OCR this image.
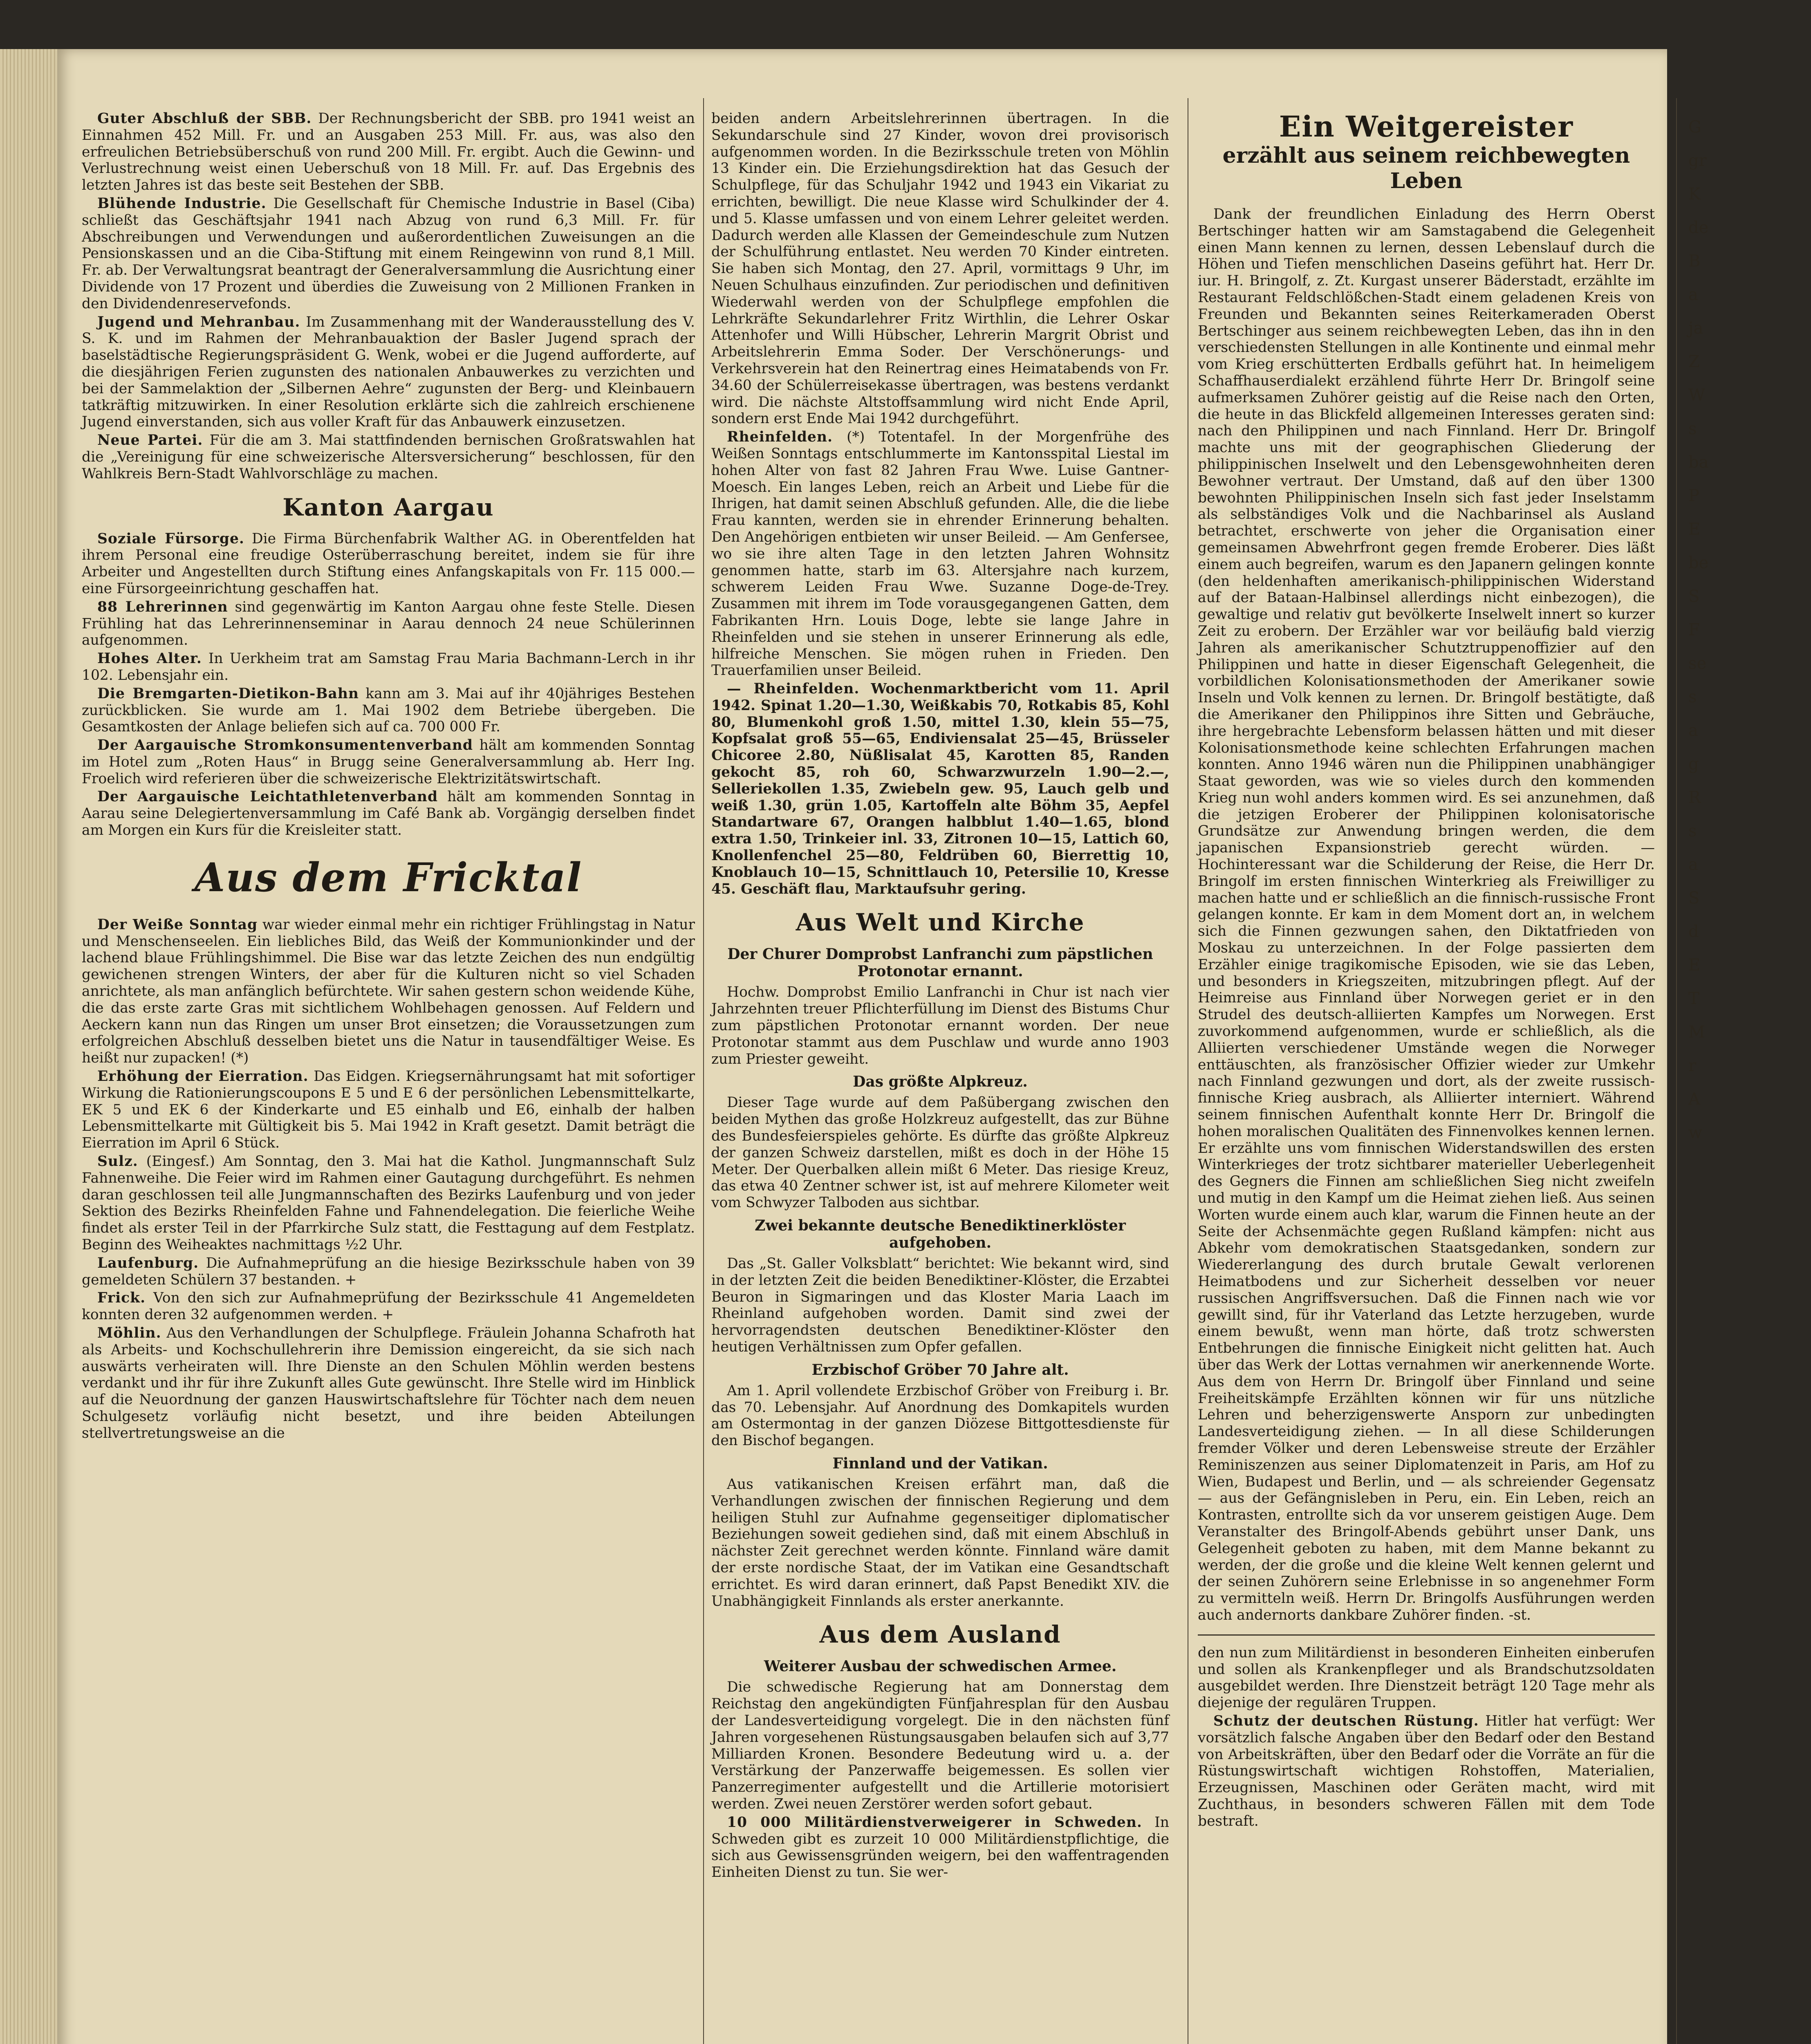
Guter Abschluß der SBB. Der Rechnungsbericht der SBB. pro 1941 weist an Einnahmen 452 Mill. Fr. und an Ausgaben 253 Mill. Fr. aus, was also den erfreulichen Betriebsüberschuß von rund 200 Mill. Fr. ergibt. Auch die Gewinn- und Verlustrechnung weist einen Ueberschuß von 18 Mill. Fr. auf. Das Ergebnis des letzten Jahres ist das beste seit Bestehen der SBB.

Blühende Industrie. Die Gesellschaft für Chemische Industrie in Basel (Ciba) schließt das Geschäftsjahr 1941 nach Abzug von rund 6,3 Mill. Fr. für Abschreibungen und Verwendungen und außerordentlichen Zuweisungen an die Pensionskassen und an die Ciba-Stiftung mit einem Reingewinn von rund 8,1 Mill. Fr. ab. Der Verwaltungsrat beantragt der Generalversammlung die Ausrichtung einer Dividende von 17 Prozent und überdies die Zuweisung von 2 Millionen Franken in den Dividendenreservefonds.

Jugend und Mehranbau. Im Zusammenhang mit der Wanderausstellung des V. S. K. und im Rahmen der Mehranbauaktion der Basler Jugend sprach der baselstädtische Regierungspräsident G. Wenk, wobei er die Jugend aufforderte, auf die diesjährigen Ferien zugunsten des nationalen Anbauwerkes zu verzichten und bei der Sammelaktion der „Silbernen Aehre“ zugunsten der Berg- und Kleinbauern tatkräftig mitzuwirken. In einer Resolution erklärte sich die zahlreich erschienene Jugend einverstanden, sich aus voller Kraft für das Anbauwerk einzusetzen.

Neue Partei. Für die am 3. Mai stattfindenden bernischen Großratswahlen hat die „Vereinigung für eine schweizerische Altersversicherung“ beschlossen, für den Wahlkreis Bern-Stadt Wahlvorschläge zu machen.

Kanton Aargau

Soziale Fürsorge. Die Firma Bürchenfabrik Walther AG. in Oberentfelden hat ihrem Personal eine freudige Osterüberraschung bereitet, indem sie für ihre Arbeiter und Angestellten durch Stiftung eines Anfangskapitals von Fr. 115 000.— eine Fürsorgeeinrichtung geschaffen hat.

88 Lehrerinnen sind gegenwärtig im Kanton Aargau ohne feste Stelle. Diesen Frühling hat das Lehrerinnenseminar in Aarau dennoch 24 neue Schülerinnen aufgenommen.

Hohes Alter. In Uerkheim trat am Samstag Frau Maria Bachmann-Lerch in ihr 102. Lebensjahr ein.

Die Bremgarten-Dietikon-Bahn kann am 3. Mai auf ihr 40jähriges Bestehen zurückblicken. Sie wurde am 1. Mai 1902 dem Betriebe übergeben. Die Gesamtkosten der Anlage beliefen sich auf ca. 700 000 Fr.

Der Aargauische Stromkonsumentenverband hält am kommenden Sonntag im Hotel zum „Roten Haus“ in Brugg seine Generalversammlung ab. Herr Ing. Froelich wird referieren über die schweizerische Elektrizitätswirtschaft.

Der Aargauische Leichtathletenverband hält am kommenden Sonntag in Aarau seine Delegiertenversammlung im Café Bank ab. Vorgängig derselben findet am Morgen ein Kurs für die Kreisleiter statt.

Aus dem Fricktal

Der Weiße Sonntag war wieder einmal mehr ein richtiger Frühlingstag in Natur und Menschenseelen. Ein liebliches Bild, das Weiß der Kommunionkinder und der lachend blaue Frühlingshimmel. Die Bise war das letzte Zeichen des nun endgültig gewichenen strengen Winters, der aber für die Kulturen nicht so viel Schaden anrichtete, als man anfänglich befürchtete. Wir sahen gestern schon weidende Kühe, die das erste zarte Gras mit sichtlichem Wohlbehagen genossen. Auf Feldern und Aeckern kann nun das Ringen um unser Brot einsetzen; die Voraussetzungen zum erfolgreichen Abschluß desselben bietet uns die Natur in tausendfältiger Weise. Es heißt nur zupacken! (*)

Erhöhung der Eierration. Das Eidgen. Kriegsernährungsamt hat mit sofortiger Wirkung die Rationierungscoupons E 5 und E 6 der persönlichen Lebensmittelkarte, EK 5 und EK 6 der Kinderkarte und E5 einhalb und E6, einhalb der halben Lebensmittelkarte mit Gültigkeit bis 5. Mai 1942 in Kraft gesetzt. Damit beträgt die Eierration im April 6 Stück.

Sulz. (Eingesf.) Am Sonntag, den 3. Mai hat die Kathol. Jungmannschaft Sulz Fahnenweihe. Die Feier wird im Rahmen einer Gautagung durchgeführt. Es nehmen daran geschlossen teil alle Jungmannschaften des Bezirks Laufenburg und von jeder Sektion des Bezirks Rheinfelden Fahne und Fahnendelegation. Die feierliche Weihe findet als erster Teil in der Pfarrkirche Sulz statt, die Festtagung auf dem Festplatz. Beginn des Weiheaktes nachmittags ½2 Uhr.

Laufenburg. Die Aufnahmeprüfung an die hiesige Bezirksschule haben von 39 gemeldeten Schülern 37 bestanden. +

Frick. Von den sich zur Aufnahmeprüfung der Bezirksschule 41 Angemeldeten konnten deren 32 aufgenommen werden. +

Möhlin. Aus den Verhandlungen der Schulpflege. Fräulein Johanna Schafroth hat als Arbeits- und Kochschullehrerin ihre Demission eingereicht, da sie sich nach auswärts verheiraten will. Ihre Dienste an den Schulen Möhlin werden bestens verdankt und ihr für ihre Zukunft alles Gute gewünscht. Ihre Stelle wird im Hinblick auf die Neuordnung der ganzen Hauswirtschaftslehre für Töchter nach dem neuen Schulgesetz vorläufig nicht besetzt, und ihre beiden Abteilungen stellvertretungsweise an die

beiden andern Arbeitslehrerinnen übertragen. In die Sekundarschule sind 27 Kinder, wovon drei provisorisch aufgenommen worden. In die Bezirksschule treten von Möhlin 13 Kinder ein. Die Erziehungsdirektion hat das Gesuch der Schulpflege, für das Schuljahr 1942 und 1943 ein Vikariat zu errichten, bewilligt. Die neue Klasse wird Schulkinder der 4. und 5. Klasse umfassen und von einem Lehrer geleitet werden. Dadurch werden alle Klassen der Gemeindeschule zum Nutzen der Schulführung entlastet. Neu werden 70 Kinder eintreten. Sie haben sich Montag, den 27. April, vormittags 9 Uhr, im Neuen Schulhaus einzufinden. Zur periodischen und definitiven Wiederwahl werden von der Schulpflege empfohlen die Lehrkräfte Sekundarlehrer Fritz Wirthlin, die Lehrer Oskar Attenhofer und Willi Hübscher, Lehrerin Margrit Obrist und Arbeitslehrerin Emma Soder. Der Verschönerungs- und Verkehrsverein hat den Reinertrag eines Heimatabends von Fr. 34.60 der Schülerreisekasse übertragen, was bestens verdankt wird. Die nächste Altstoffsammlung wird nicht Ende April, sondern erst Ende Mai 1942 durchgeführt.

Rheinfelden. (*) Totentafel. In der Morgenfrühe des Weißen Sonntags entschlummerte im Kantonsspital Liestal im hohen Alter von fast 82 Jahren Frau Wwe. Luise Gantner-Moesch. Ein langes Leben, reich an Arbeit und Liebe für die Ihrigen, hat damit seinen Abschluß gefunden. Alle, die die liebe Frau kannten, werden sie in ehrender Erinnerung behalten. Den Angehörigen entbieten wir unser Beileid. — Am Genfersee, wo sie ihre alten Tage in den letzten Jahren Wohnsitz genommen hatte, starb im 63. Altersjahre nach kurzem, schwerem Leiden Frau Wwe. Suzanne Doge-de-Trey. Zusammen mit ihrem im Tode vorausgegangenen Gatten, dem Fabrikanten Hrn. Louis Doge, lebte sie lange Jahre in Rheinfelden und sie stehen in unserer Erinnerung als edle, hilfreiche Menschen. Sie mögen ruhen in Frieden. Den Trauerfamilien unser Beileid.

— Rheinfelden. Wochenmarktbericht vom 11. April 1942. Spinat 1.20—1.30, Weißkabis 70, Rotkabis 85, Kohl 80, Blumenkohl groß 1.50, mittel 1.30, klein 55—75, Kopfsalat groß 55—65, Endiviensalat 25—45, Brüsseler Chicoree 2.80, Nüßlisalat 45, Karotten 85, Randen gekocht 85, roh 60, Schwarzwurzeln 1.90—2.—, Selleriekollen 1.35, Zwiebeln gew. 95, Lauch gelb und weiß 1.30, grün 1.05, Kartoffeln alte Böhm 35, Aepfel Standartware 67, Orangen halbblut 1.40—1.65, blond extra 1.50, Trinkeier inl. 33, Zitronen 10—15, Lattich 60, Knollenfenchel 25—80, Feldrüben 60, Bierrettig 10, Knoblauch 10—15, Schnittlauch 10, Petersilie 10, Kresse 45. Geschäft flau, Marktaufsuhr gering.

Aus Welt und Kirche
Der Churer Domprobst Lanfranchi zum päpstlichen Protonotar ernannt.

Hochw. Domprobst Emilio Lanfranchi in Chur ist nach vier Jahrzehnten treuer Pflichterfüllung im Dienst des Bistums Chur zum päpstlichen Protonotar ernannt worden. Der neue Protonotar stammt aus dem Puschlaw und wurde anno 1903 zum Priester geweiht.

Das größte Alpkreuz.

Dieser Tage wurde auf dem Paßübergang zwischen den beiden Mythen das große Holzkreuz aufgestellt, das zur Bühne des Bundesfeierspieles gehörte. Es dürfte das größte Alpkreuz der ganzen Schweiz darstellen, mißt es doch in der Höhe 15 Meter. Der Querbalken allein mißt 6 Meter. Das riesige Kreuz, das etwa 40 Zentner schwer ist, ist auf mehrere Kilometer weit vom Schwyzer Talboden aus sichtbar.

Zwei bekannte deutsche Benediktinerklöster aufgehoben.

Das „St. Galler Volksblatt“ berichtet: Wie bekannt wird, sind in der letzten Zeit die beiden Benediktiner-Klöster, die Erzabtei Beuron in Sigmaringen und das Kloster Maria Laach im Rheinland aufgehoben worden. Damit sind zwei der hervorragendsten deutschen Benediktiner-Klöster den heutigen Verhältnissen zum Opfer gefallen.

Erzbischof Gröber 70 Jahre alt.

Am 1. April vollendete Erzbischof Gröber von Freiburg i. Br. das 70. Lebensjahr. Auf Anordnung des Domkapitels wurden am Ostermontag in der ganzen Diözese Bittgottesdienste für den Bischof begangen.

Finnland und der Vatikan.

Aus vatikanischen Kreisen erfährt man, daß die Verhandlungen zwischen der finnischen Regierung und dem heiligen Stuhl zur Aufnahme gegenseitiger diplomatischer Beziehungen soweit gediehen sind, daß mit einem Abschluß in nächster Zeit gerechnet werden könnte. Finnland wäre damit der erste nordische Staat, der im Vatikan eine Gesandtschaft errichtet. Es wird daran erinnert, daß Papst Benedikt XIV. die Unabhängigkeit Finnlands als erster anerkannte.

Aus dem Ausland
Weiterer Ausbau der schwedischen Armee.

Die schwedische Regierung hat am Donnerstag dem Reichstag den angekündigten Fünfjahresplan für den Ausbau der Landesverteidigung vorgelegt. Die in den nächsten fünf Jahren vorgesehenen Rüstungsausgaben belaufen sich auf 3,77 Milliarden Kronen. Besondere Bedeutung wird u. a. der Verstärkung der Panzerwaffe beigemessen. Es sollen vier Panzerregimenter aufgestellt und die Artillerie motorisiert werden. Zwei neuen Zerstörer werden sofort gebaut.

10 000 Militärdienstverweigerer in Schweden. In Schweden gibt es zurzeit 10 000 Militärdienstpflichtige, die sich aus Gewissensgründen weigern, bei den waffentragenden Einheiten Dienst zu tun. Sie wer-

Ein Weitgereister
erzählt aus seinem reichbewegten Leben

Dank der freundlichen Einladung des Herrn Oberst Bertschinger hatten wir am Samstagabend die Gelegenheit einen Mann kennen zu lernen, dessen Lebenslauf durch die Höhen und Tiefen menschlichen Daseins geführt hat. Herr Dr. iur. H. Bringolf, z. Zt. Kurgast unserer Bäderstadt, erzählte im Restaurant Feldschlößchen-Stadt einem geladenen Kreis von Freunden und Bekannten seines Reiterkameraden Oberst Bertschinger aus seinem reichbewegten Leben, das ihn in den verschiedensten Stellungen in alle Kontinente und einmal mehr vom Krieg erschütterten Erdballs geführt hat. In heimeligem Schaffhauserdialekt erzählend führte Herr Dr. Bringolf seine aufmerksamen Zuhörer geistig auf die Reise nach den Orten, die heute in das Blickfeld allgemeinen Interesses geraten sind: nach den Philippinen und nach Finnland. Herr Dr. Bringolf machte uns mit der geographischen Gliederung der philippinischen Inselwelt und den Lebensgewohnheiten deren Bewohner vertraut. Der Umstand, daß auf den über 1300 bewohnten Philippinischen Inseln sich fast jeder Inselstamm als selbständiges Volk und die Nachbarinsel als Ausland betrachtet, erschwerte von jeher die Organisation einer gemeinsamen Abwehrfront gegen fremde Eroberer. Dies läßt einem auch begreifen, warum es den Japanern gelingen konnte (den heldenhaften amerikanisch-philippinischen Widerstand auf der Bataan-Halbinsel allerdings nicht einbezogen), die gewaltige und relativ gut bevölkerte Inselwelt innert so kurzer Zeit zu erobern. Der Erzähler war vor beiläufig bald vierzig Jahren als amerikanischer Schutztruppenoffizier auf den Philippinen und hatte in dieser Eigenschaft Gelegenheit, die vorbildlichen Kolonisationsmethoden der Amerikaner sowie Inseln und Volk kennen zu lernen. Dr. Bringolf bestätigte, daß die Amerikaner den Philippinos ihre Sitten und Gebräuche, ihre hergebrachte Lebensform belassen hätten und mit dieser Kolonisationsmethode keine schlechten Erfahrungen machen konnten. Anno 1946 wären nun die Philippinen unabhängiger Staat geworden, was wie so vieles durch den kommenden Krieg nun wohl anders kommen wird. Es sei anzunehmen, daß die jetzigen Eroberer der Philippinen kolonisatorische Grundsätze zur Anwendung bringen werden, die dem japanischen Expansionstrieb gerecht würden. — Hochinteressant war die Schilderung der Reise, die Herr Dr. Bringolf im ersten finnischen Winterkrieg als Freiwilliger zu machen hatte und er schließlich an die finnisch-russische Front gelangen konnte. Er kam in dem Moment dort an, in welchem sich die Finnen gezwungen sahen, den Diktatfrieden von Moskau zu unterzeichnen. In der Folge passierten dem Erzähler einige tragikomische Episoden, wie sie das Leben, und besonders in Kriegszeiten, mitzubringen pflegt. Auf der Heimreise aus Finnland über Norwegen geriet er in den Strudel des deutsch-alliierten Kampfes um Norwegen. Erst zuvorkommend aufgenommen, wurde er schließlich, als die Alliierten verschiedener Umstände wegen die Norweger enttäuschten, als französischer Offizier wieder zur Umkehr nach Finnland gezwungen und dort, als der zweite russisch-finnische Krieg ausbrach, als Alliierter interniert. Während seinem finnischen Aufenthalt konnte Herr Dr. Bringolf die hohen moralischen Qualitäten des Finnenvolkes kennen lernen. Er erzählte uns vom finnischen Widerstandswillen des ersten Winterkrieges der trotz sichtbarer materieller Ueberlegenheit des Gegners die Finnen am schließlichen Sieg nicht zweifeln und mutig in den Kampf um die Heimat ziehen ließ. Aus seinen Worten wurde einem auch klar, warum die Finnen heute an der Seite der Achsenmächte gegen Rußland kämpfen: nicht aus Abkehr vom demokratischen Staatsgedanken, sondern zur Wiedererlangung des durch brutale Gewalt verlorenen Heimatbodens und zur Sicherheit desselben vor neuer russischen Angriffsversuchen. Daß die Finnen nach wie vor gewillt sind, für ihr Vaterland das Letzte herzugeben, wurde einem bewußt, wenn man hörte, daß trotz schwersten Entbehrungen die finnische Einigkeit nicht gelitten hat. Auch über das Werk der Lottas vernahmen wir anerkennende Worte. Aus dem von Herrn Dr. Bringolf über Finnland und seine Freiheitskämpfe Erzählten können wir für uns nützliche Lehren und beherzigenswerte Ansporn zur unbedingten Landesverteidigung ziehen. — In all diese Schilderungen fremder Völker und deren Lebensweise streute der Erzähler Reminiszenzen aus seiner Diplomatenzeit in Paris, am Hof zu Wien, Budapest und Berlin, und — als schreiender Gegensatz — aus der Gefängnisleben in Peru, ein. Ein Leben, reich an Kontrasten, entrollte sich da vor unserem geistigen Auge. Dem Veranstalter des Bringolf-Abends gebührt unser Dank, uns Gelegenheit geboten zu haben, mit dem Manne bekannt zu werden, der die große und die kleine Welt kennen gelernt und der seinen Zuhörern seine Erlebnisse in so angenehmer Form zu vermitteln weiß. Herrn Dr. Bringolfs Ausführungen werden auch andernorts dankbare Zuhörer finden. -st.

den nun zum Militärdienst in besonderen Einheiten einberufen und sollen als Krankenpfleger und als Brandschutzsoldaten ausgebildet werden. Ihre Dienstzeit beträgt 120 Tage mehr als diejenige der regulären Truppen.

Schutz der deutschen Rüstung. Hitler hat verfügt: Wer vorsätzlich falsche Angaben über den Bedarf oder den Bestand von Arbeitskräften, über den Bedarf oder die Vorräte an für die Rüstungswirtschaft wichtigen Rohstoffen, Materialien, Erzeugnissen, Maschinen oder Geräten macht, wird mit Zuchthaus, in besonders schweren Fällen mit dem Tode bestraft.

G
gr
K
de
B
a
ja
Z
W
s
ba
P
E
be
S
F
se
s
a
g
R
s
a
S
d
E
T
M
r
A
w
